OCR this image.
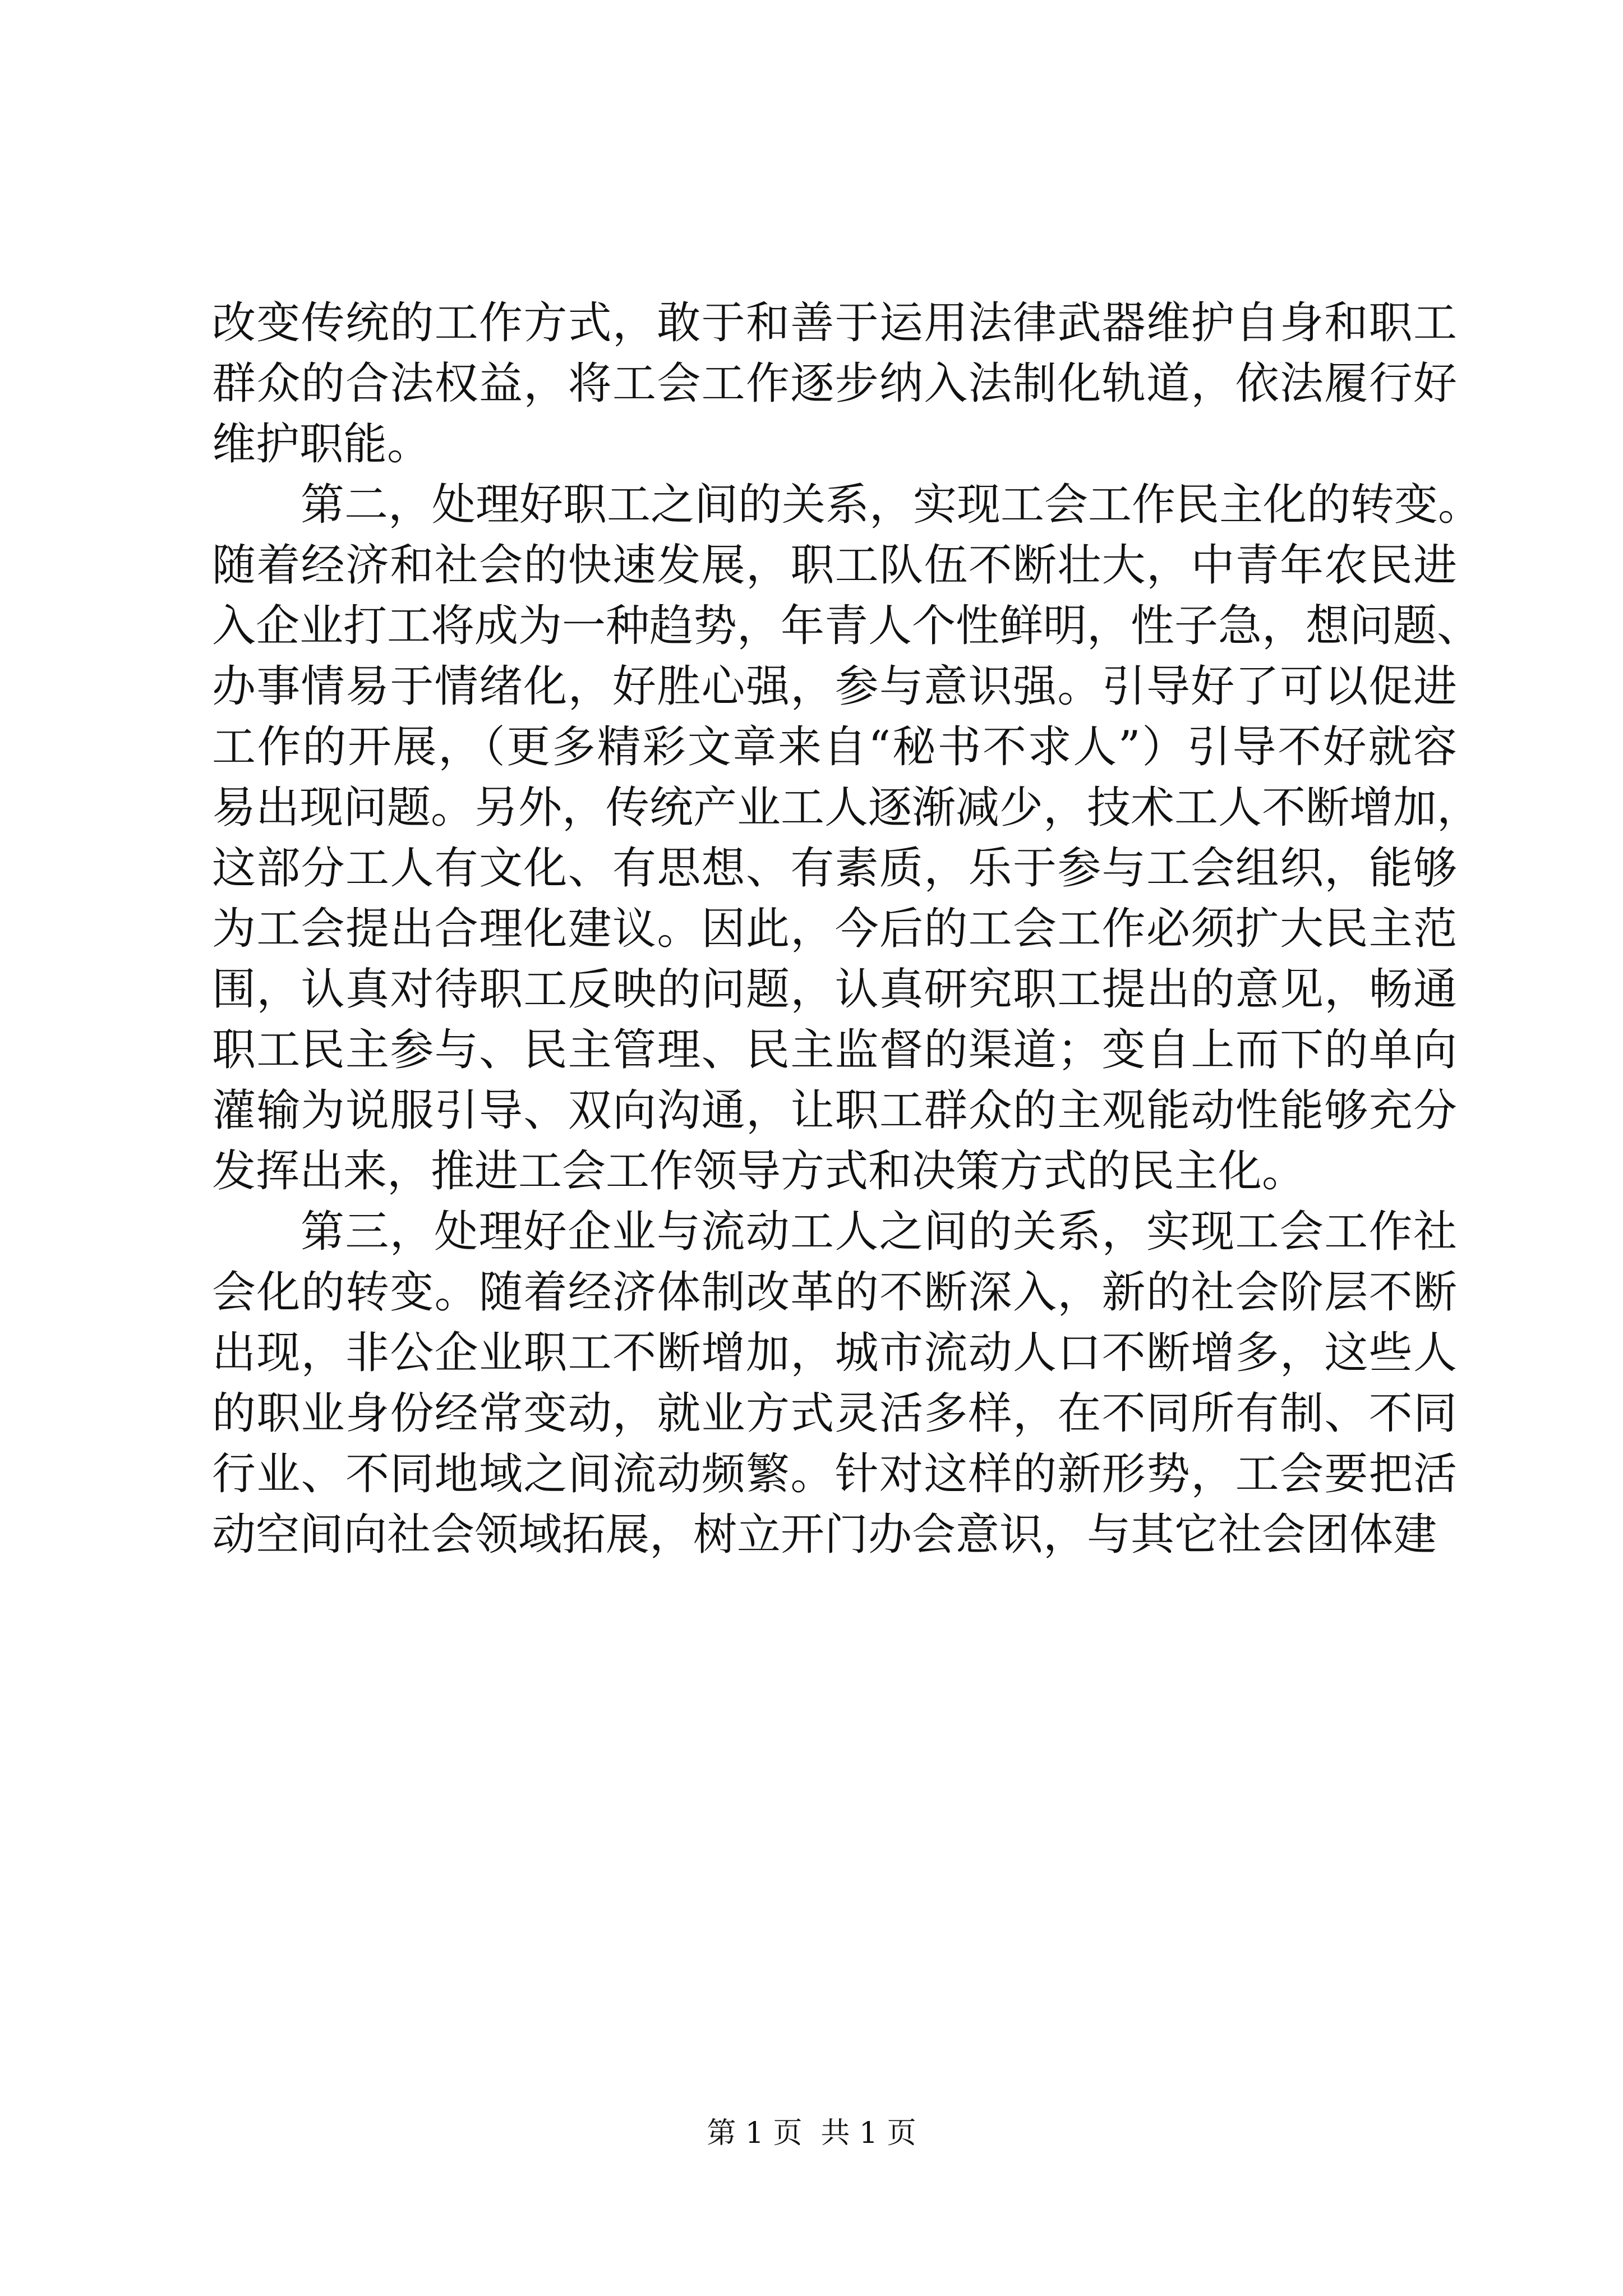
改变传统的工作方式，敢于和善于运用法律武器维护自身和职工
群众的合法权益，将工会工作逐步纳入法制化轨道，依法履行好
维护职能。
第二，处理好职工之间的关系，实现工会工作民主化的转变。
随着经济和社会的快速发展，职工队伍不断壮大，中青年农民进
入企业打工将成为一种趋势，年青人个性鲜明，性子急，想问题、
办事情易于情绪化，好胜心强，参与意识强。引导好了可以促进
工作的开展，（更多精彩文章来自“秘书不求人”）引导不好就容
易出现问题。另外，传统产业工人逐渐减少，技术工人不断增加，
这部分工人有文化、有思想、有素质，乐于参与工会组织，能够
为工会提出合理化建议。因此，今后的工会工作必须扩大民主范
围，认真对待职工反映的问题，认真研究职工提出的意见，畅通
职工民主参与、民主管理、民主监督的渠道；变自上而下的单向
灌输为说服引导、双向沟通，让职工群众的主观能动性能够充分
发挥出来，推进工会工作领导方式和决策方式的民主化。
第三，处理好企业与流动工人之间的关系，实现工会工作社
会化的转变。随着经济体制改革的不断深入，新的社会阶层不断
出现，非公企业职工不断增加，城市流动人口不断增多，这些人
的职业身份经常变动，就业方式灵活多样，在不同所有制、不同
行业、不同地域之间流动频繁。针对这样的新形势，工会要把活
动空间向社会领域拓展，树立开门办会意识，与其它社会团体建
第 1 页  共 1 页
